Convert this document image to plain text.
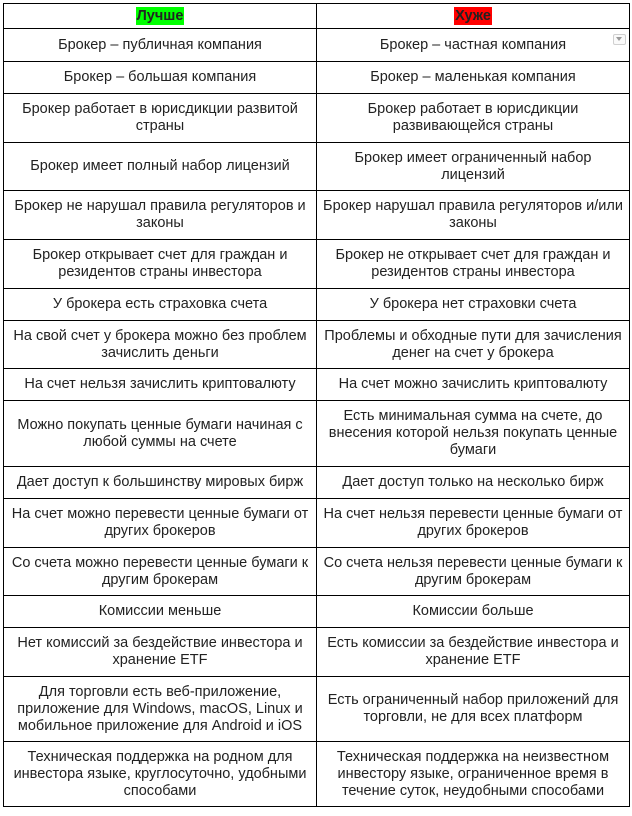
Лучше	Хуже
Брокер – публичная компания	Брокер – частная компания

Брокер – большая компания	Брокер – маленькая компания
Брокер работает в юрисдикции развитой страны	Брокер работает в юрисдикции развивающейся страны
Брокер имеет полный набор лицензий	Брокер имеет ограниченный набор лицензий
Брокер не нарушал правила регуляторов и законы	Брокер нарушал правила регуляторов и/или законы
Брокер открывает счет для граждан и резидентов страны инвестора	Брокер не открывает счет для граждан и резидентов страны инвестора
У брокера есть страховка счета	У брокера нет страховки счета
На свой счет у брокера можно без проблем зачислить деньги	Проблемы и обходные пути для зачисления денег на счет у брокера
На счет нельзя зачислить криптовалюту	На счет можно зачислить криптовалюту
Можно покупать ценные бумаги начиная с любой суммы на счете	Есть минимальная сумма на счете, до внесения которой нельзя покупать ценные бумаги
Дает доступ к большинству мировых бирж	Дает доступ только на несколько бирж
На счет можно перевести ценные бумаги от других брокеров	На счет нельзя перевести ценные бумаги от других брокеров
Со счета можно перевести ценные бумаги к другим брокерам	Со счета нельзя перевести ценные бумаги к другим брокерам
Комиссии меньше	Комиссии больше
Нет комиссий за бездействие инвестора и хранение ETF	Есть комиссии за бездействие инвестора и хранение ETF
Для торговли есть веб-приложение, приложение для Windows, macOS, Linux и мобильное приложение для Android и iOS	Есть ограниченный набор приложений для торговли, не для всех платформ
Техническая поддержка на родном для инвестора языке, круглосуточно, удобными способами	Техническая поддержка на неизвестном инвестору языке, ограниченное время в течение суток, неудобными способами
